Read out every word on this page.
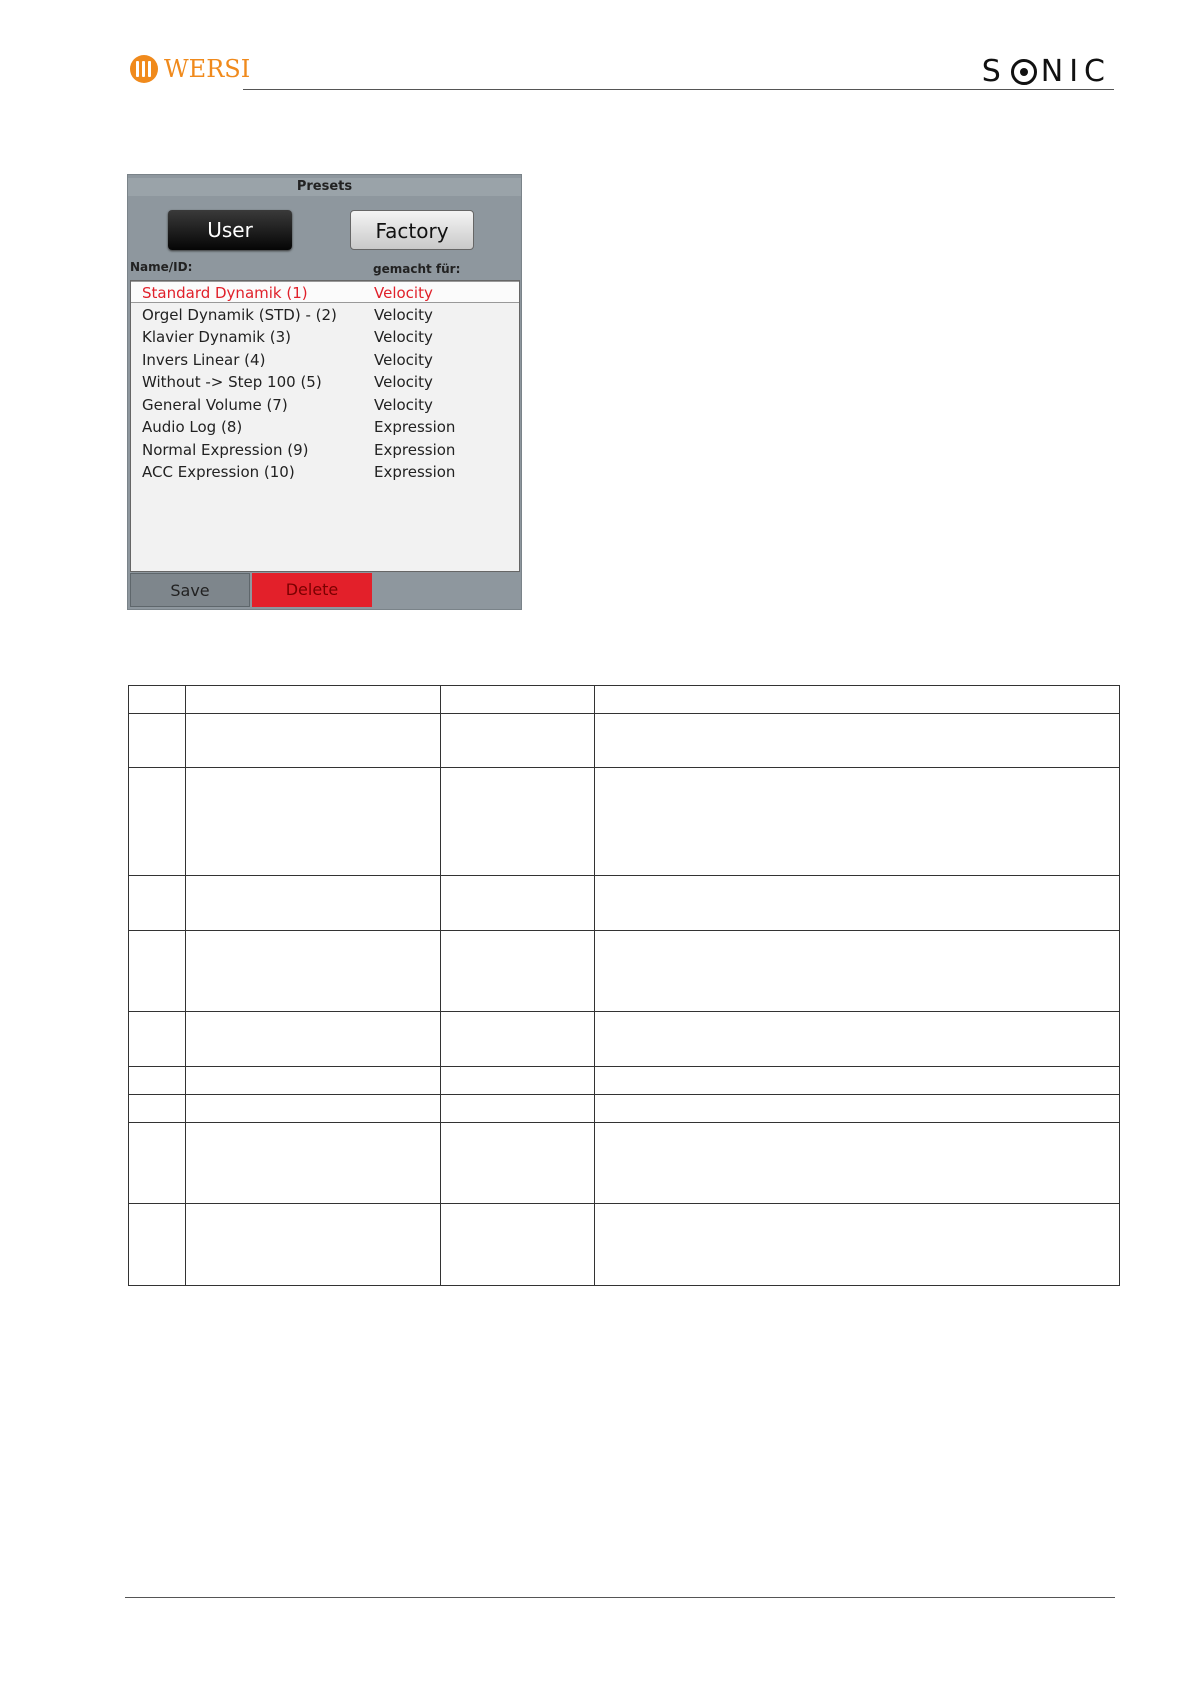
WERSI	S NIC
Presets
User	Factory
Name/ID:	gemacht für:
Standard Dynamik (1)	Velocity
Orgel Dynamik (STD) - (2) Velocity
Klavier Dynamik (3)	Velocity
Invers Linear (4)	Velocity
Without -> Step 100 (5)	Velocity
General Volume (7)	Velocity
Audio Log (8)	Expression
Normal Expression (9)	Expression
ACC Expression (10)	Expression
Save	Delete
